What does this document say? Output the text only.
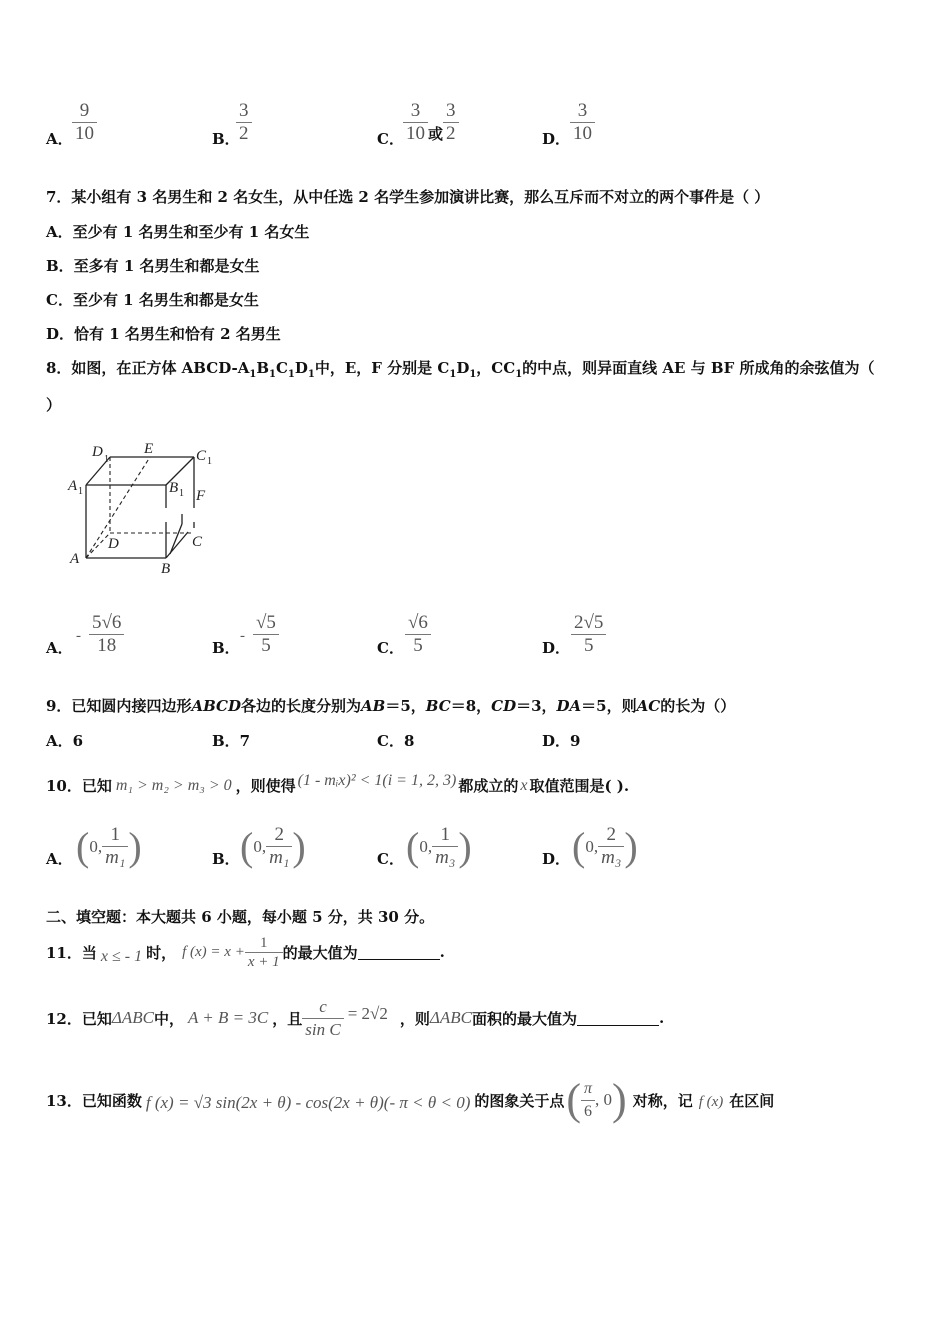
A． $\frac{9}{10}$	B．
$\frac{3}{2}$	C． $\frac{3}{10}$ 或 $\frac{3}{2}$	D． $\frac{3}{10}$
7．某小组有 3 名男生和 2 名女生，从中任选 2 名学生参加演讲比赛，那么互斥而不对立的两个事件是（ ）
A．至少有 1 名男生和至少有 1 名女生
B．至多有 1 名男生和都是女生
C．至少有 1 名男生和都是女生
D．恰有 1 名男生和恰有 2 名男生
8．如图，在正方体 ABCD-$A_1B_1C_1D_1$中，E，F 分别是 $C_1D_1$，$CC_1$的中点，则异面直线 AE 与 BF 所成角的余弦值为（
）
D 1
E	C 1
A 1	B 1 F
D	C
A
B
A．
- $\frac{5√6}{18}$	B．
- $\frac{√5}{5}$	C． $\frac{√6}{5}$	D． $\frac{2√5}{5}$
9．已知圆内接四边形ABCD各边的长度分别为AB＝5，BC＝8，CD＝3，DA＝5，则AC的长为（）
A．6	B．7	C．8	D．9
10．已知 m₁ > m₂ > m₃ > 0 ，则使得 (1 - mᵢx)² < 1(i = 1, 2, 3) 都成立的 x 取值范围是( ).
A． ( 0, $\frac{1}{\text{m₁}}$ )	B． ( 0, $\frac{2}{\text{m₁}}$ )	C． ( 0, $\frac{1}{\text{m₃}}$ )	D． ( 0, $\frac{2}{\text{m₃}}$ )
二、填空题：本大题共 6 小题，每小题 5 分，共 30 分。
11．当 x ≤ - 1 时， f $(x) = x + \frac{1}{x + 1}$ 的最大值为	.
12．已知 ΔABC 中， A + B = 3C ，且 $\frac{c}{\text{sin C}} = 2√2$ ，则 ΔABC 面积的最大值为	.
13．已知函数 f (x) = √3 sin(2x + θ) - cos(2x + θ)(- π < θ < 0) 的图象关于点 ( $\frac{\pi}{6}$ , 0 ) 对称，记 f (x) 在区间
